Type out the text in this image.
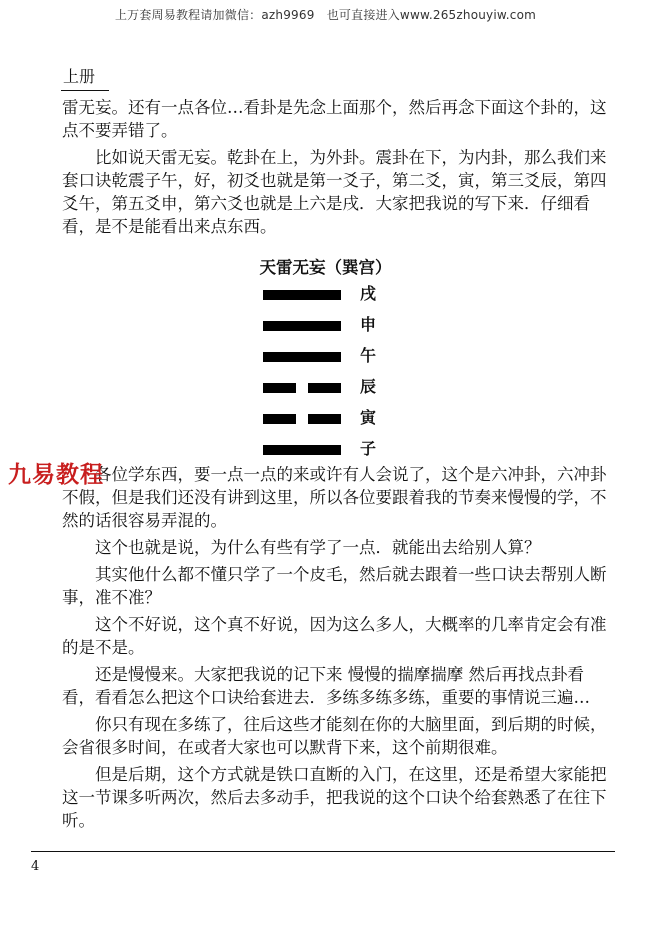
上万套周易教程请加微信：azh9969　也可直接进入www.265zhouyiw.com
上册

雷无妄。还有一点各位…看卦是先念上面那个，然后再念下面这个卦的，这点不要弄错了。

比如说天雷无妄。乾卦在上，为外卦。震卦在下，为内卦，那么我们来套口诀乾震子午，好，初爻也就是第一爻子，第二爻，寅，第三爻辰，第四爻午，第五爻申，第六爻也就是上六是戌．大家把我说的写下来．仔细看看，是不是能看出来点东西。

天雷无妄（巽宫）
戌
申
午
辰
寅
子

各位学东西，要一点一点的来或许有人会说了，这个是六冲卦，六冲卦不假，但是我们还没有讲到这里，所以各位要跟着我的节奏来慢慢的学，不然的话很容易弄混的。

这个也就是说，为什么有些有学了一点．就能出去给别人算？

其实他什么都不懂只学了一个皮毛，然后就去跟着一些口诀去帮别人断事，准不准？

这个不好说，这个真不好说，因为这么多人，大概率的几率肯定会有准的是不是。

还是慢慢来。大家把我说的记下来 慢慢的揣摩揣摩 然后再找点卦看看，看看怎么把这个口诀给套进去．多练多练多练，重要的事情说三遍…

你只有现在多练了，往后这些才能刻在你的大脑里面，到后期的时候，会省很多时间，在或者大家也可以默背下来，这个前期很难。

但是后期，这个方式就是铁口直断的入门，在这里，还是希望大家能把这一节课多听两次，然后去多动手，把我说的这个口诀个给套熟悉了在往下听。

九易教程
4
